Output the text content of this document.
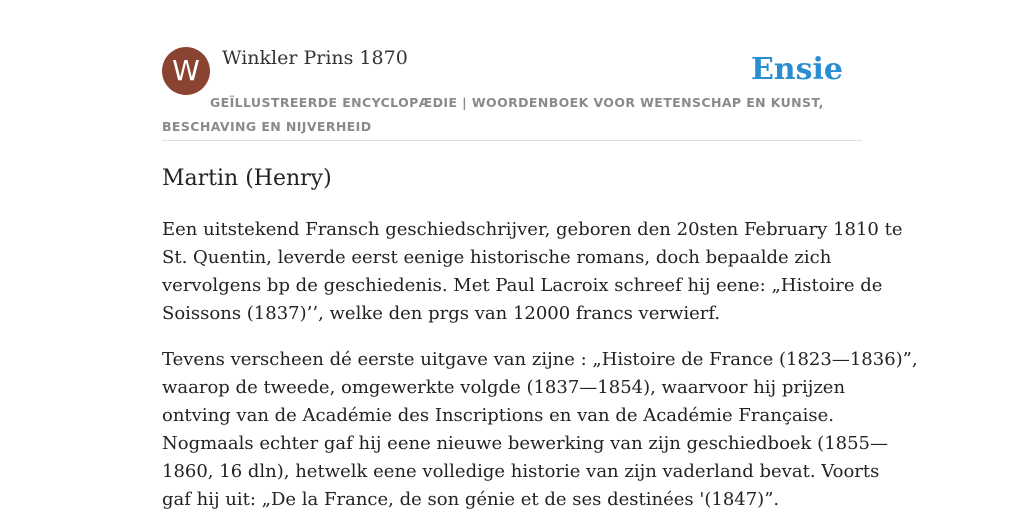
W	Winkler Prins 1870	Ensie
GEÏLLUSTREERDE ENCYCLOPÆDIE | WOORDENBOEK VOOR WETENSCHAP EN KUNST, BESCHAVING EN NIJVERHEID
Martin (Henry)

Een uitstekend Fransch geschiedschrijver, geboren den 20sten February 1810 te
St. Quentin, leverde eerst eenige historische romans, doch bepaalde zich
vervolgens bp de geschiedenis. Met Paul Lacroix schreef hij eene: „Histoire de
Soissons (1837)’’, welke den prgs van 12000 francs verwierf.

Tevens verscheen dé eerste uitgave van zijne : „Histoire de France (1823—1836)”,
waarop de tweede, omgewerkte volgde (1837—1854), waarvoor hij prijzen
ontving van de Académie des Inscriptions en van de Académie Française.
Nogmaals echter gaf hij eene nieuwe bewerking van zijn geschiedboek (1855—
1860, 16 dln), hetwelk eene volledige historie van zijn vaderland bevat. Voorts
gaf hij uit: „De la France, de son génie et de ses destinées '(1847)”.
